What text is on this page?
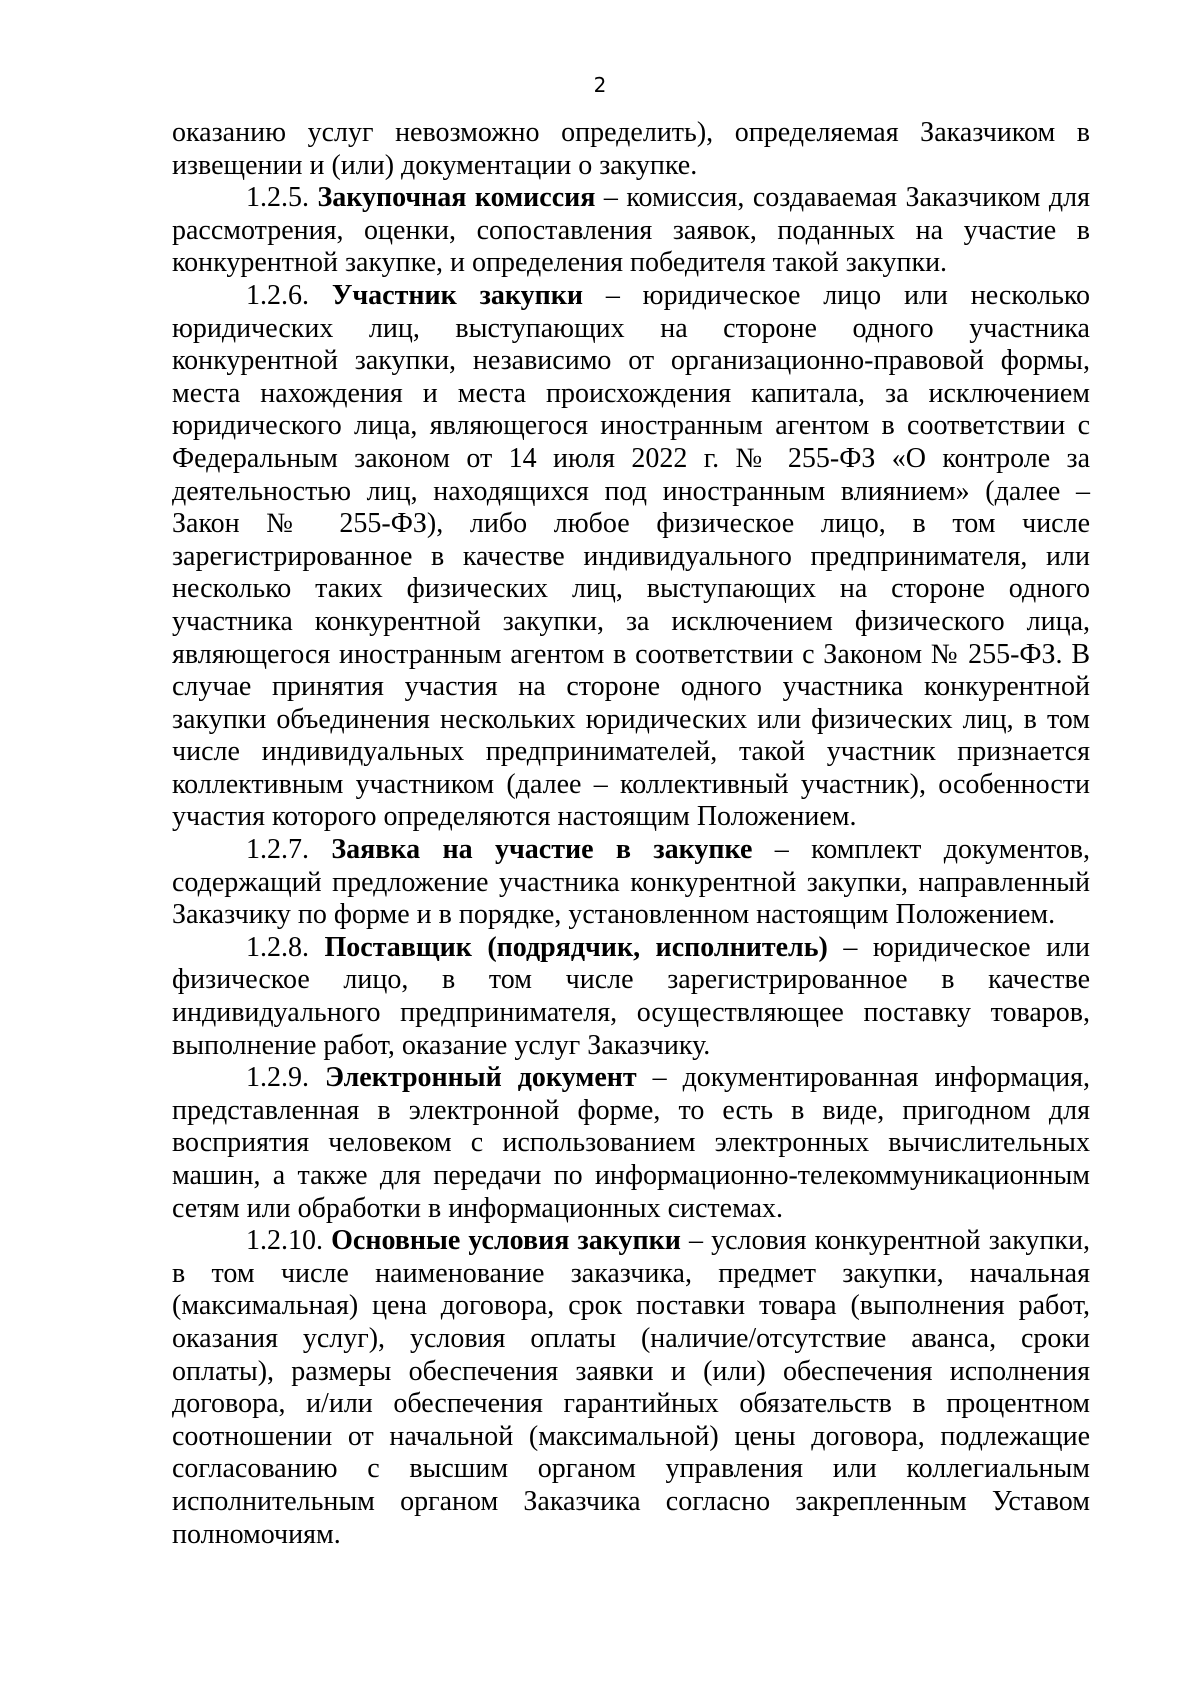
2

оказанию услуг невозможно определить), определяемая Заказчиком в извещении и (или) документации о закупке.

1.2.5. Закупочная комиссия – комиссия, создаваемая Заказчиком для рассмотрения, оценки, сопоставления заявок, поданных на участие в конкурентной закупке, и определения победителя такой закупки.

1.2.6. Участник закупки – юридическое лицо или несколько юридических лиц, выступающих на стороне одного участника конкурентной закупки, независимо от организационно-правовой формы, места нахождения и места происхождения капитала, за исключением юридического лица, являющегося иностранным агентом в соответствии с Федеральным законом от 14 июля 2022 г. № 255-ФЗ «О контроле за деятельностью лиц, находящихся под иностранным влиянием» (далее – Закон № 255-ФЗ), либо любое физическое лицо, в том числе зарегистрированное в качестве индивидуального предпринимателя, или несколько таких физических лиц, выступающих на стороне одного участника конкурентной закупки, за исключением физического лица, являющегося иностранным агентом в соответствии с Законом № 255-ФЗ. В случае принятия участия на стороне одного участника конкурентной закупки объединения нескольких юридических или физических лиц, в том числе индивидуальных предпринимателей, такой участник признается коллективным участником (далее – коллективный участник), особенности участия которого определяются настоящим Положением.

1.2.7. Заявка на участие в закупке – комплект документов, содержащий предложение участника конкурентной закупки, направленный Заказчику по форме и в порядке, установленном настоящим Положением.

1.2.8. Поставщик (подрядчик, исполнитель) – юридическое или физическое лицо, в том числе зарегистрированное в качестве индивидуального предпринимателя, осуществляющее поставку товаров, выполнение работ, оказание услуг Заказчику.

1.2.9. Электронный документ – документированная информация, представленная в электронной форме, то есть в виде, пригодном для восприятия человеком с использованием электронных вычислительных машин, а также для передачи по информационно-телекоммуникационным сетям или обработки в информационных системах.

1.2.10. Основные условия закупки – условия конкурентной закупки, в том числе наименование заказчика, предмет закупки, начальная (максимальная) цена договора, срок поставки товара (выполнения работ, оказания услуг), условия оплаты (наличие/отсутствие аванса, сроки оплаты), размеры обеспечения заявки и (или) обеспечения исполнения договора, и/или обеспечения гарантийных обязательств в процентном соотношении от начальной (максимальной) цены договора, подлежащие согласованию с высшим органом управления или коллегиальным исполнительным органом Заказчика согласно закрепленным Уставом полномочиям.
